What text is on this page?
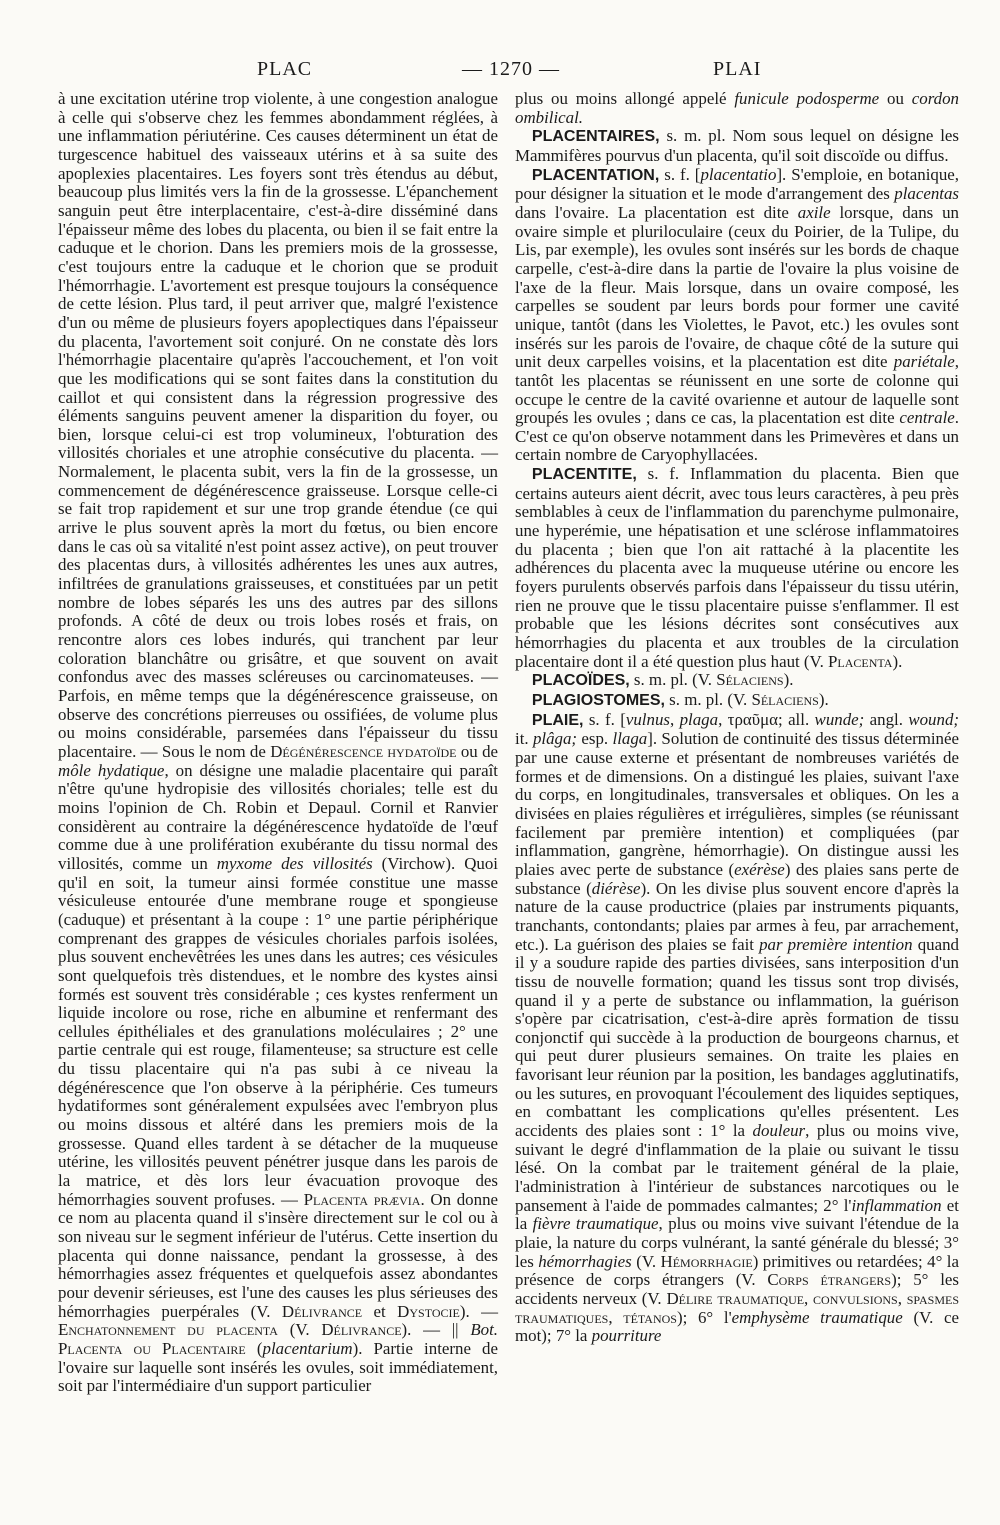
PLAC	— 1270 —	PLAI

à une excitation utérine trop violente, à une congestion analogue à celle qui s'observe chez les femmes abondamment réglées, à une inflammation périutérine. Ces causes déterminent un état de turgescence habituel des vaisseaux utérins et à sa suite des apoplexies placentaires. Les foyers sont très étendus au début, beaucoup plus limités vers la fin de la grossesse. L'épanchement sanguin peut être interplacentaire, c'est-à-dire disséminé dans l'épaisseur même des lobes du placenta, ou bien il se fait entre la caduque et le chorion. Dans les premiers mois de la grossesse, c'est toujours entre la caduque et le chorion que se produit l'hémorrhagie. L'avortement est presque toujours la conséquence de cette lésion. Plus tard, il peut arriver que, malgré l'existence d'un ou même de plusieurs foyers apoplectiques dans l'épaisseur du placenta, l'avortement soit conjuré. On ne constate dès lors l'hémorrhagie placentaire qu'après l'accouchement, et l'on voit que les modifications qui se sont faites dans la constitution du caillot et qui consistent dans la régression progressive des éléments sanguins peuvent amener la disparition du foyer, ou bien, lorsque celui-ci est trop volumineux, l'obturation des villosités choriales et une atrophie consécutive du placenta. — Normalement, le placenta subit, vers la fin de la grossesse, un commencement de dégénérescence graisseuse. Lorsque celle-ci se fait trop rapidement et sur une trop grande étendue (ce qui arrive le plus souvent après la mort du fœtus, ou bien encore dans le cas où sa vitalité n'est point assez active), on peut trouver des placentas durs, à villosités adhérentes les unes aux autres, infiltrées de granulations graisseuses, et constituées par un petit nombre de lobes séparés les uns des autres par des sillons profonds. A côté de deux ou trois lobes rosés et frais, on rencontre alors ces lobes indurés, qui tranchent par leur coloration blanchâtre ou grisâtre, et que souvent on avait confondus avec des masses scléreuses ou carcinomateuses. — Parfois, en même temps que la dégénérescence graisseuse, on observe des concrétions pierreuses ou ossifiées, de volume plus ou moins considérable, parsemées dans l'épaisseur du tissu placentaire. — Sous le nom de Dégénérescence hydatoïde ou de môle hydatique, on désigne une maladie placentaire qui paraît n'être qu'une hydropisie des villosités choriales; telle est du moins l'opinion de Ch. Robin et Depaul. Cornil et Ranvier considèrent au contraire la dégénérescence hydatoïde de l'œuf comme due à une prolifération exubérante du tissu normal des villosités, comme un myxome des villosités (Virchow). Quoi qu'il en soit, la tumeur ainsi formée constitue une masse vésiculeuse entourée d'une membrane rouge et spongieuse (caduque) et présentant à la coupe : 1° une partie périphérique comprenant des grappes de vésicules choriales parfois isolées, plus souvent enchevêtrées les unes dans les autres; ces vésicules sont quelquefois très distendues, et le nombre des kystes ainsi formés est souvent très considérable ; ces kystes renferment un liquide incolore ou rose, riche en albumine et renfermant des cellules épithéliales et des granulations moléculaires ; 2° une partie centrale qui est rouge, filamenteuse; sa structure est celle du tissu placentaire qui n'a pas subi à ce niveau la dégénérescence que l'on observe à la périphérie. Ces tumeurs hydatiformes sont généralement expulsées avec l'embryon plus ou moins dissous et altéré dans les premiers mois de la grossesse. Quand elles tardent à se détacher de la muqueuse utérine, les villosités peuvent pénétrer jusque dans les parois de la matrice, et dès lors leur évacuation provoque des hémorrhagies souvent profuses. — Placenta prævia. On donne ce nom au placenta quand il s'insère directement sur le col ou à son niveau sur le segment inférieur de l'utérus. Cette insertion du placenta qui donne naissance, pendant la grossesse, à des hémorrhagies assez fréquentes et quelquefois assez abondantes pour devenir sérieuses, est l'une des causes les plus sérieuses des hémorrhagies puerpérales (V. Délivrance et Dystocie). — Enchatonnement du placenta (V. Délivrance). — || Bot. Placenta ou Placentaire (placentarium). Partie interne de l'ovaire sur laquelle sont insérés les ovules, soit immédiatement, soit par l'intermédiaire d'un support particulier

plus ou moins allongé appelé funicule podosperme ou cordon ombilical.

 PLACENTAIRES, s. m. pl. Nom sous lequel on désigne les Mammifères pourvus d'un placenta, qu'il soit discoïde ou diffus.

 PLACENTATION, s. f. [placentatio]. S'emploie, en botanique, pour désigner la situation et le mode d'arrangement des placentas dans l'ovaire. La placentation est dite axile lorsque, dans un ovaire simple et pluriloculaire (ceux du Poirier, de la Tulipe, du Lis, par exemple), les ovules sont insérés sur les bords de chaque carpelle, c'est-à-dire dans la partie de l'ovaire la plus voisine de l'axe de la fleur. Mais lorsque, dans un ovaire composé, les carpelles se soudent par leurs bords pour former une cavité unique, tantôt (dans les Violettes, le Pavot, etc.) les ovules sont insérés sur les parois de l'ovaire, de chaque côté de la suture qui unit deux carpelles voisins, et la placentation est dite pariétale, tantôt les placentas se réunissent en une sorte de colonne qui occupe le centre de la cavité ovarienne et autour de laquelle sont groupés les ovules ; dans ce cas, la placentation est dite centrale. C'est ce qu'on observe notamment dans les Primevères et dans un certain nombre de Caryophyllacées.

 PLACENTITE, s. f. Inflammation du placenta. Bien que certains auteurs aient décrit, avec tous leurs caractères, à peu près semblables à ceux de l'inflammation du parenchyme pulmonaire, une hyperémie, une hépatisation et une sclérose inflammatoires du placenta ; bien que l'on ait rattaché à la placentite les adhérences du placenta avec la muqueuse utérine ou encore les foyers purulents observés parfois dans l'épaisseur du tissu utérin, rien ne prouve que le tissu placentaire puisse s'enflammer. Il est probable que les lésions décrites sont consécutives aux hémorrhagies du placenta et aux troubles de la circulation placentaire dont il a été question plus haut (V. Placenta).

 PLACOÏDES, s. m. pl. (V. Sélaciens).

 PLAGIOSTOMES, s. m. pl. (V. Sélaciens).

 PLAIE, s. f. [vulnus, plaga, τραῦμα; all. wunde; angl. wound; it. plâga; esp. llaga]. Solution de continuité des tissus déterminée par une cause externe et présentant de nombreuses variétés de formes et de dimensions. On a distingué les plaies, suivant l'axe du corps, en longitudinales, transversales et obliques. On les a divisées en plaies régulières et irrégulières, simples (se réunissant facilement par première intention) et compliquées (par inflammation, gangrène, hémorrhagie). On distingue aussi les plaies avec perte de substance (exérèse) des plaies sans perte de substance (diérèse). On les divise plus souvent encore d'après la nature de la cause productrice (plaies par instruments piquants, tranchants, contondants; plaies par armes à feu, par arrachement, etc.). La guérison des plaies se fait par première intention quand il y a soudure rapide des parties divisées, sans interposition d'un tissu de nouvelle formation; quand les tissus sont trop divisés, quand il y a perte de substance ou inflammation, la guérison s'opère par cicatrisation, c'est-à-dire après formation de tissu conjonctif qui succède à la production de bourgeons charnus, et qui peut durer plusieurs semaines. On traite les plaies en favorisant leur réunion par la position, les bandages agglutinatifs, ou les sutures, en provoquant l'écoulement des liquides septiques, en combattant les complications qu'elles présentent. Les accidents des plaies sont : 1° la douleur, plus ou moins vive, suivant le degré d'inflammation de la plaie ou suivant le tissu lésé. On la combat par le traitement général de la plaie, l'administration à l'intérieur de substances narcotiques ou le pansement à l'aide de pommades calmantes; 2° l'inflammation et la fièvre traumatique, plus ou moins vive suivant l'étendue de la plaie, la nature du corps vulnérant, la santé générale du blessé; 3° les hémorrhagies (V. Hémorrhagie) primitives ou retardées; 4° la présence de corps étrangers (V. Corps étrangers); 5° les accidents nerveux (V. Délire traumatique, convulsions, spasmes traumatiques, tétanos); 6° l'emphysème traumatique (V. ce mot); 7° la pourriture
